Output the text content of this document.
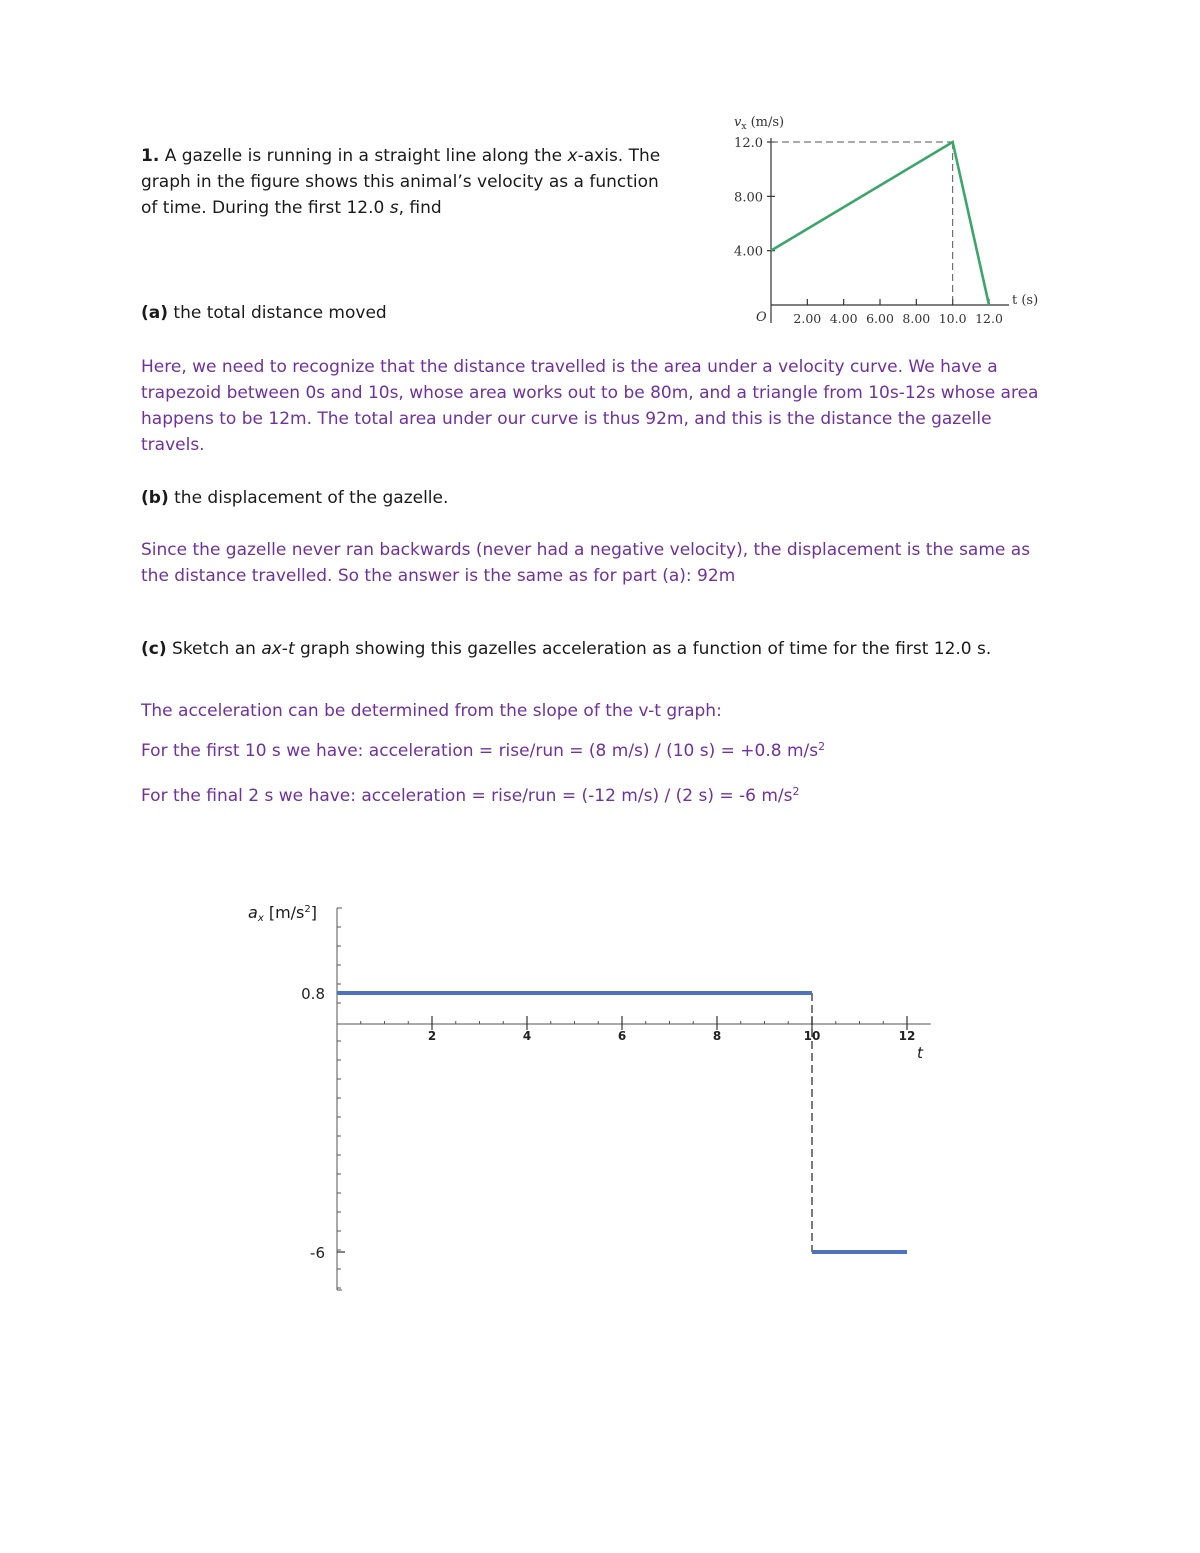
1. A gazelle is running in a straight line along the x-axis. The
graph in the figure shows this animal’s velocity as a function
of time. During the first 12.0 s, find

(a) the total distance moved

Here, we need to recognize that the distance travelled is the area under a velocity curve. We have a
trapezoid between 0s and 10s, whose area works out to be 80m, and a triangle from 10s-12s whose area
happens to be 12m. The total area under our curve is thus 92m, and this is the distance the gazelle
travels.

(b) the displacement of the gazelle.

Since the gazelle never ran backwards (never had a negative velocity), the displacement is the same as
the distance travelled. So the answer is the same as for part (a): 92m

(c) Sketch an ax-t graph showing this gazelles acceleration as a function of time for the first 12.0 s.

The acceleration can be determined from the slope of the v-t graph:

For the first 10 s we have: acceleration = rise/run = (8 m/s) / (10 s) = +0.8 $m/s^2$

For the final 2 s we have: acceleration = rise/run = (-12 m/s) / (2 s) = -6 $m/s^2$

$v_x$ (m/s)
t (s)
O
4.00
8.00
12.0
2.00 4.00 6.00 8.00 10.0 12.0
ax $[m/s^2]$
t
2	4	6	8	10	12
0.8
-6
